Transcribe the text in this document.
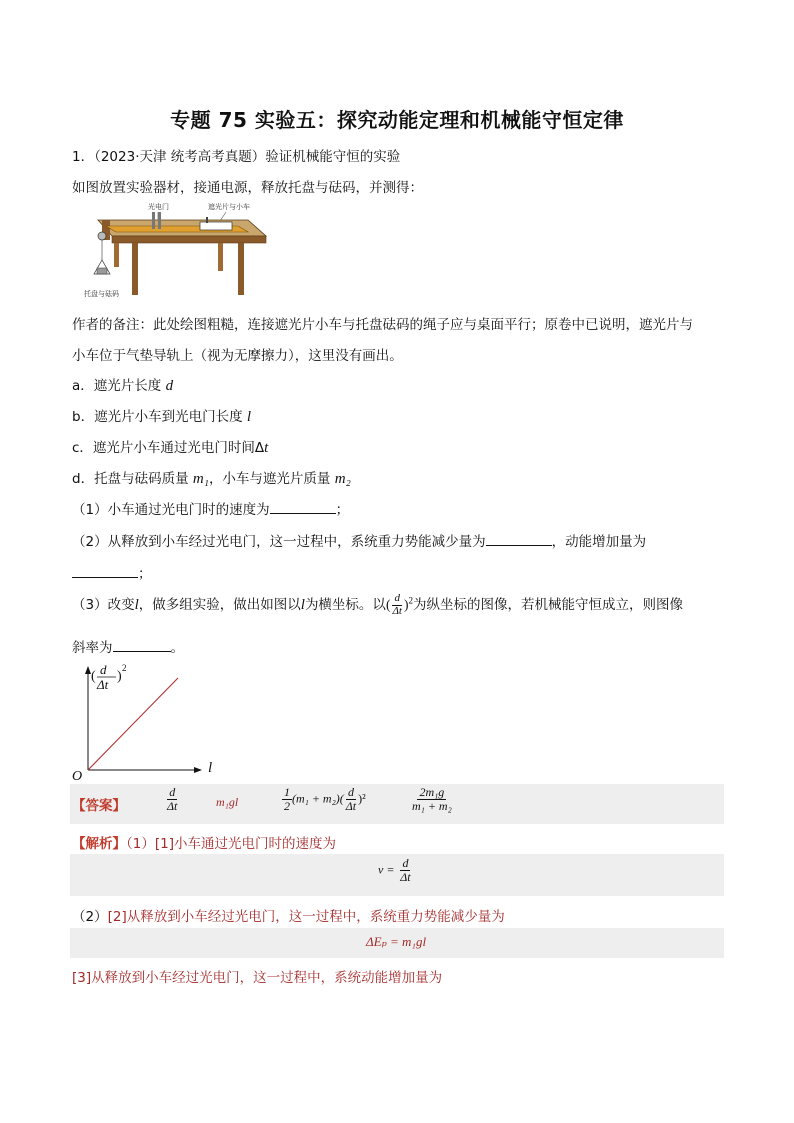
专题 75 实验五：探究动能定理和机械能守恒定律
1．（2023·天津 统考高考真题）验证机械能守恒的实验
如图放置实验器材，接通电源，释放托盘与砝码，并测得：
光电门	遮光片与小车
托盘与砝码
作者的备注：此处绘图粗糙，连接遮光片小车与托盘砝码的绳子应与桌面平行；原卷中已说明，遮光片与
小车位于气垫导轨上（视为无摩擦力），这里没有画出。
a．遮光片长度 d
b．遮光片小车到光电门长度 l
c．遮光片小车通过光电门时间Δt
d．托盘与砝码质量 m₁，小车与遮光片质量 m₂
（1）小车通过光电门时的速度为	；
（2）从释放到小车经过光电门，这一过程中，系统重力势能减少量为	，动能增加量为
；
（3）改变l，做多组实验，做出如图以l为横坐标。以( $\frac{d}{\Delta t} )^2$为纵坐标的图像，若机械能守恒成立，则图像
斜率为	。
O
l
( d
Δt
)
2
【答案】	$\frac{d}{\Delta t}$	m₁gl	$\frac{1}{2} (m_1 + m_2)( \frac{d}{\Delta t} )^2$	$\frac{\text{2m₁g}}{\text{m₁ + m₂}}$
【解析】（1）[1]小车通过光电门时的速度为
$v = \frac{d}{\Delta t}$
（2）[2]从释放到小车经过光电门，这一过程中，系统重力势能减少量为
ΔEₚ = m₁gl
[3]从释放到小车经过光电门，这一过程中，系统动能增加量为
